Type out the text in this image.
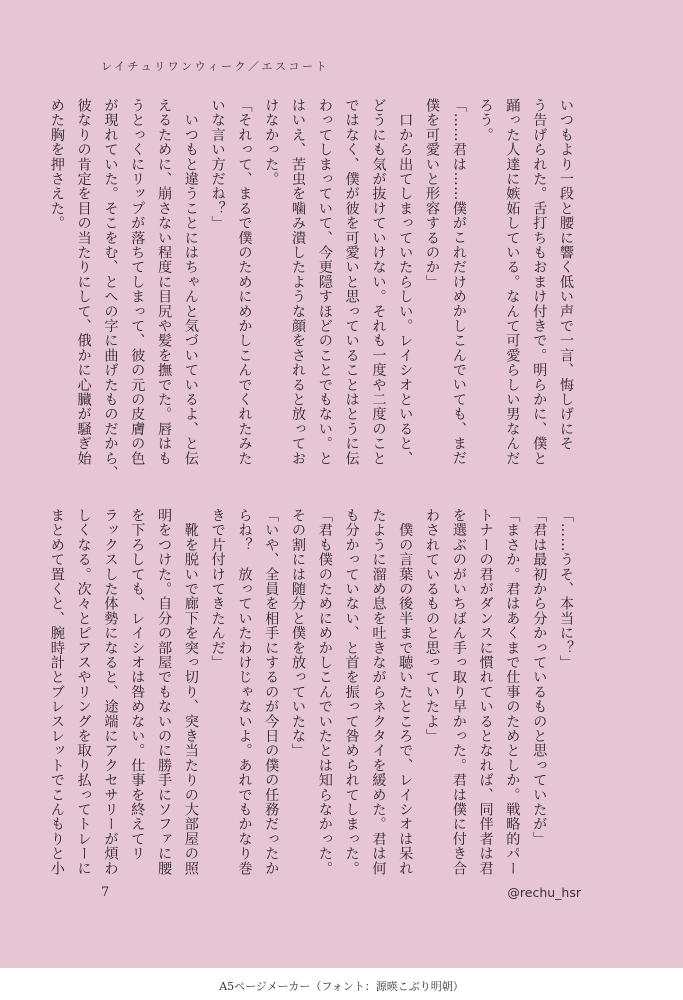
レイチュリワンウィーク／エスコート
いつもより一段と腰に響く低い声で一言、悔しげにそ
う告げられた。舌打ちもおまけ付きで。明らかに、僕と
踊った人達に嫉妬している。なんて可愛らしい男なんだ
ろう。
「……君は……僕がこれだけめかしこんでいても、まだ
僕を可愛いと形容するのか」
　口から出てしまっていたらしい。レイシオといると、
どうにも気が抜けていけない。それも一度や二度のこと
ではなく、僕が彼を可愛いと思っていることはとうに伝
わってしまっていて、今更隠すほどのことでもない。と
はいえ、苦虫を噛み潰したような顔をされると放ってお
けなかった。
「それって、まるで僕のためにめかしこんでくれたみた
いな言い方だね？」
　いつもと違うことにはちゃんと気づいているよ、と伝
えるために、崩さない程度に目尻や髪を撫でた。唇はも
うとっくにリップが落ちてしまって、彼の元の皮膚の色
が現れていた。そこをむ、とへの字に曲げたものだから、
彼なりの肯定を目の当たりにして、俄かに心臓が騒ぎ始
めた胸を押さえた。
「……うそ、本当に？」
「君は最初から分かっているものと思っていたが」
「まさか。君はあくまで仕事のためとしか。戦略的パー
トナーの君がダンスに慣れているとなれば、同伴者は君
を選ぶのがいちばん手っ取り早かった。君は僕に付き合
わされているものと思っていたよ」
　僕の言葉の後半まで聴いたところで、レイシオは呆れ
たように溜め息を吐きながらネクタイを緩めた。君は何
も分かっていない、と首を振って咎められてしまった。
「君も僕のためにめかしこんでいたとは知らなかった。
その割には随分と僕を放っていたな」
「いや、全員を相手にするのが今日の僕の任務だったか
らね？　放っていたわけじゃないよ。あれでもかなり巻
きで片付けてきたんだ」
　靴を脱いで廊下を突っ切り、突き当たりの大部屋の照
明をつけた。自分の部屋でもないのに勝手にソファに腰
を下ろしても、レイシオは咎めない。仕事を終えてリ
ラックスした体勢になると、途端にアクセサリーが煩わ
しくなる。次々とピアスやリングを取り払ってトレーに
まとめて置くと、腕時計とブレスレットでこんもりと小
7	@rechu_hsr
A5ページメーカー（フォント：源暎こぶり明朝）
